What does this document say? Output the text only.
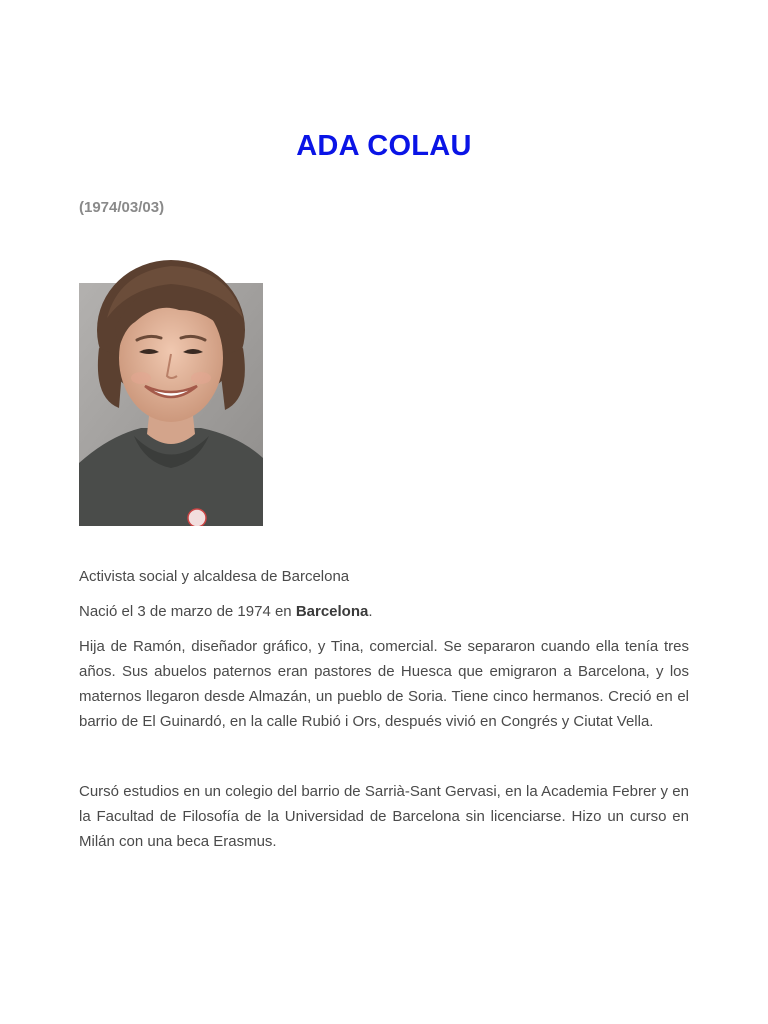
ADA COLAU

(1974/03/03)

Activista social y alcaldesa de Barcelona

Nació el 3 de marzo de 1974 en Barcelona.

Hija de Ramón, diseñador gráfico, y Tina, comercial. Se separaron cuando ella tenía tres años. Sus abuelos paternos eran pastores de Huesca que emigraron a Barcelona, y los maternos llegaron desde Almazán, un pueblo de Soria. Tiene cinco hermanos. Creció en el barrio de El Guinardó, en la calle Rubió i Ors, después vivió en Congrés y Ciutat Vella.

Cursó estudios en un colegio del barrio de Sarrià-Sant Gervasi, en la Academia Febrer y en la Facultad de Filosofía de la Universidad de Barcelona sin licenciarse. Hizo un curso en Milán con una beca Erasmus.
